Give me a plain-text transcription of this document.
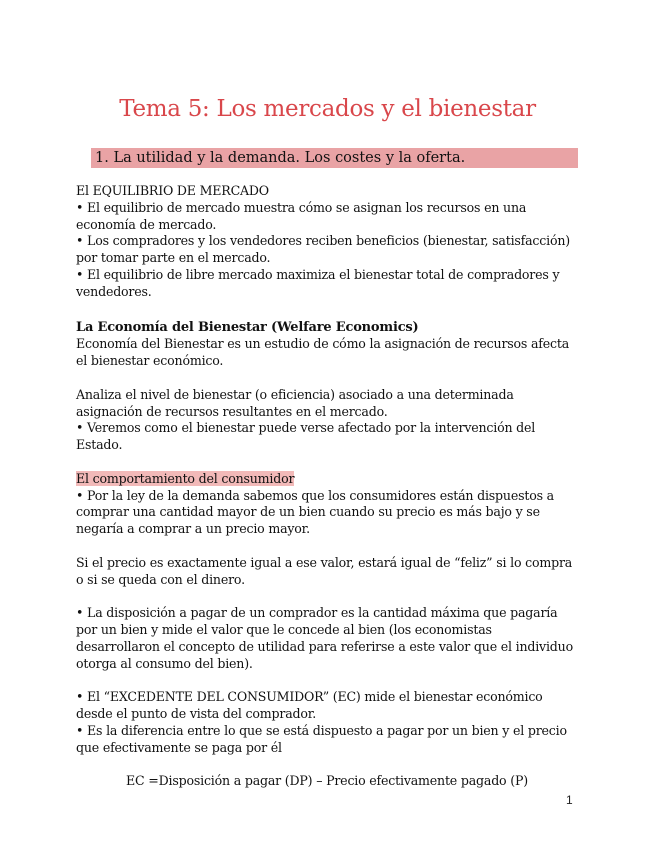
Tema 5: Los mercados y el bienestar
1. La utilidad y la demanda. Los costes y la oferta.

El EQUILIBRIO DE MERCADO

• El equilibrio de mercado muestra cómo se asignan los recursos en una economía de mercado.

• Los compradores y los vendedores reciben beneficios (bienestar, satisfacción) por tomar parte en el mercado.

• El equilibrio de libre mercado maximiza el bienestar total de compradores y vendedores.

La Economía del Bienestar (Welfare Economics)

Economía del Bienestar es un estudio de cómo la asignación de recursos afecta el bienestar económico.

Analiza el nivel de bienestar (o eficiencia) asociado a una determinada asignación de recursos resultantes en el mercado.

• Veremos como el bienestar puede verse afectado por la intervención del Estado.

El comportamiento del consumidor

• Por la ley de la demanda sabemos que los consumidores están dispuestos a comprar una cantidad mayor de un bien cuando su precio es más bajo y se negaría a comprar a un precio mayor.

Si el precio es exactamente igual a ese valor, estará igual de “feliz” si lo compra o si se queda con el dinero.

• La disposición a pagar de un comprador es la cantidad máxima que pagaría por un bien y mide el valor que le concede al bien (los economistas desarrollaron el concepto de utilidad para referirse a este valor que el individuo otorga al consumo del bien).

• El “EXCEDENTE DEL CONSUMIDOR” (EC) mide el bienestar económico desde el punto de vista del comprador.

• Es la diferencia entre lo que se está dispuesto a pagar por un bien y el precio que efectivamente se paga por él

EC =Disposición a pagar (DP) – Precio efectivamente pagado (P)

1
